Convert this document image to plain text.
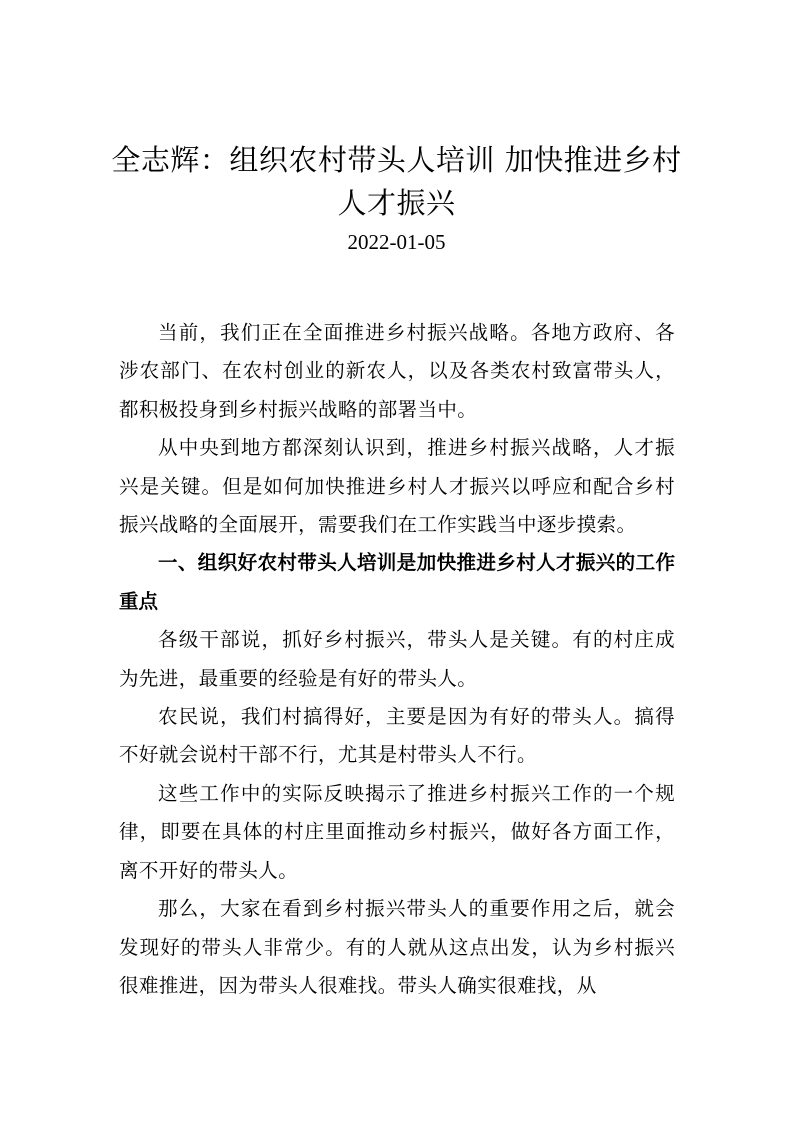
全志辉：组织农村带头人培训 加快推进乡村人才振兴
2022-01-05

当前，我们正在全面推进乡村振兴战略。各地方政府、各涉农部门、在农村创业的新农人，以及各类农村致富带头人，都积极投身到乡村振兴战略的部署当中。

从中央到地方都深刻认识到，推进乡村振兴战略，人才振兴是关键。但是如何加快推进乡村人才振兴以呼应和配合乡村振兴战略的全面展开，需要我们在工作实践当中逐步摸索。

一、组织好农村带头人培训是加快推进乡村人才振兴的工作重点

各级干部说，抓好乡村振兴，带头人是关键。有的村庄成为先进，最重要的经验是有好的带头人。

农民说，我们村搞得好，主要是因为有好的带头人。搞得不好就会说村干部不行，尤其是村带头人不行。

这些工作中的实际反映揭示了推进乡村振兴工作的一个规律，即要在具体的村庄里面推动乡村振兴，做好各方面工作，离不开好的带头人。

那么，大家在看到乡村振兴带头人的重要作用之后，就会发现好的带头人非常少。有的人就从这点出发，认为乡村振兴很难推进，因为带头人很难找。带头人确实很难找，从
